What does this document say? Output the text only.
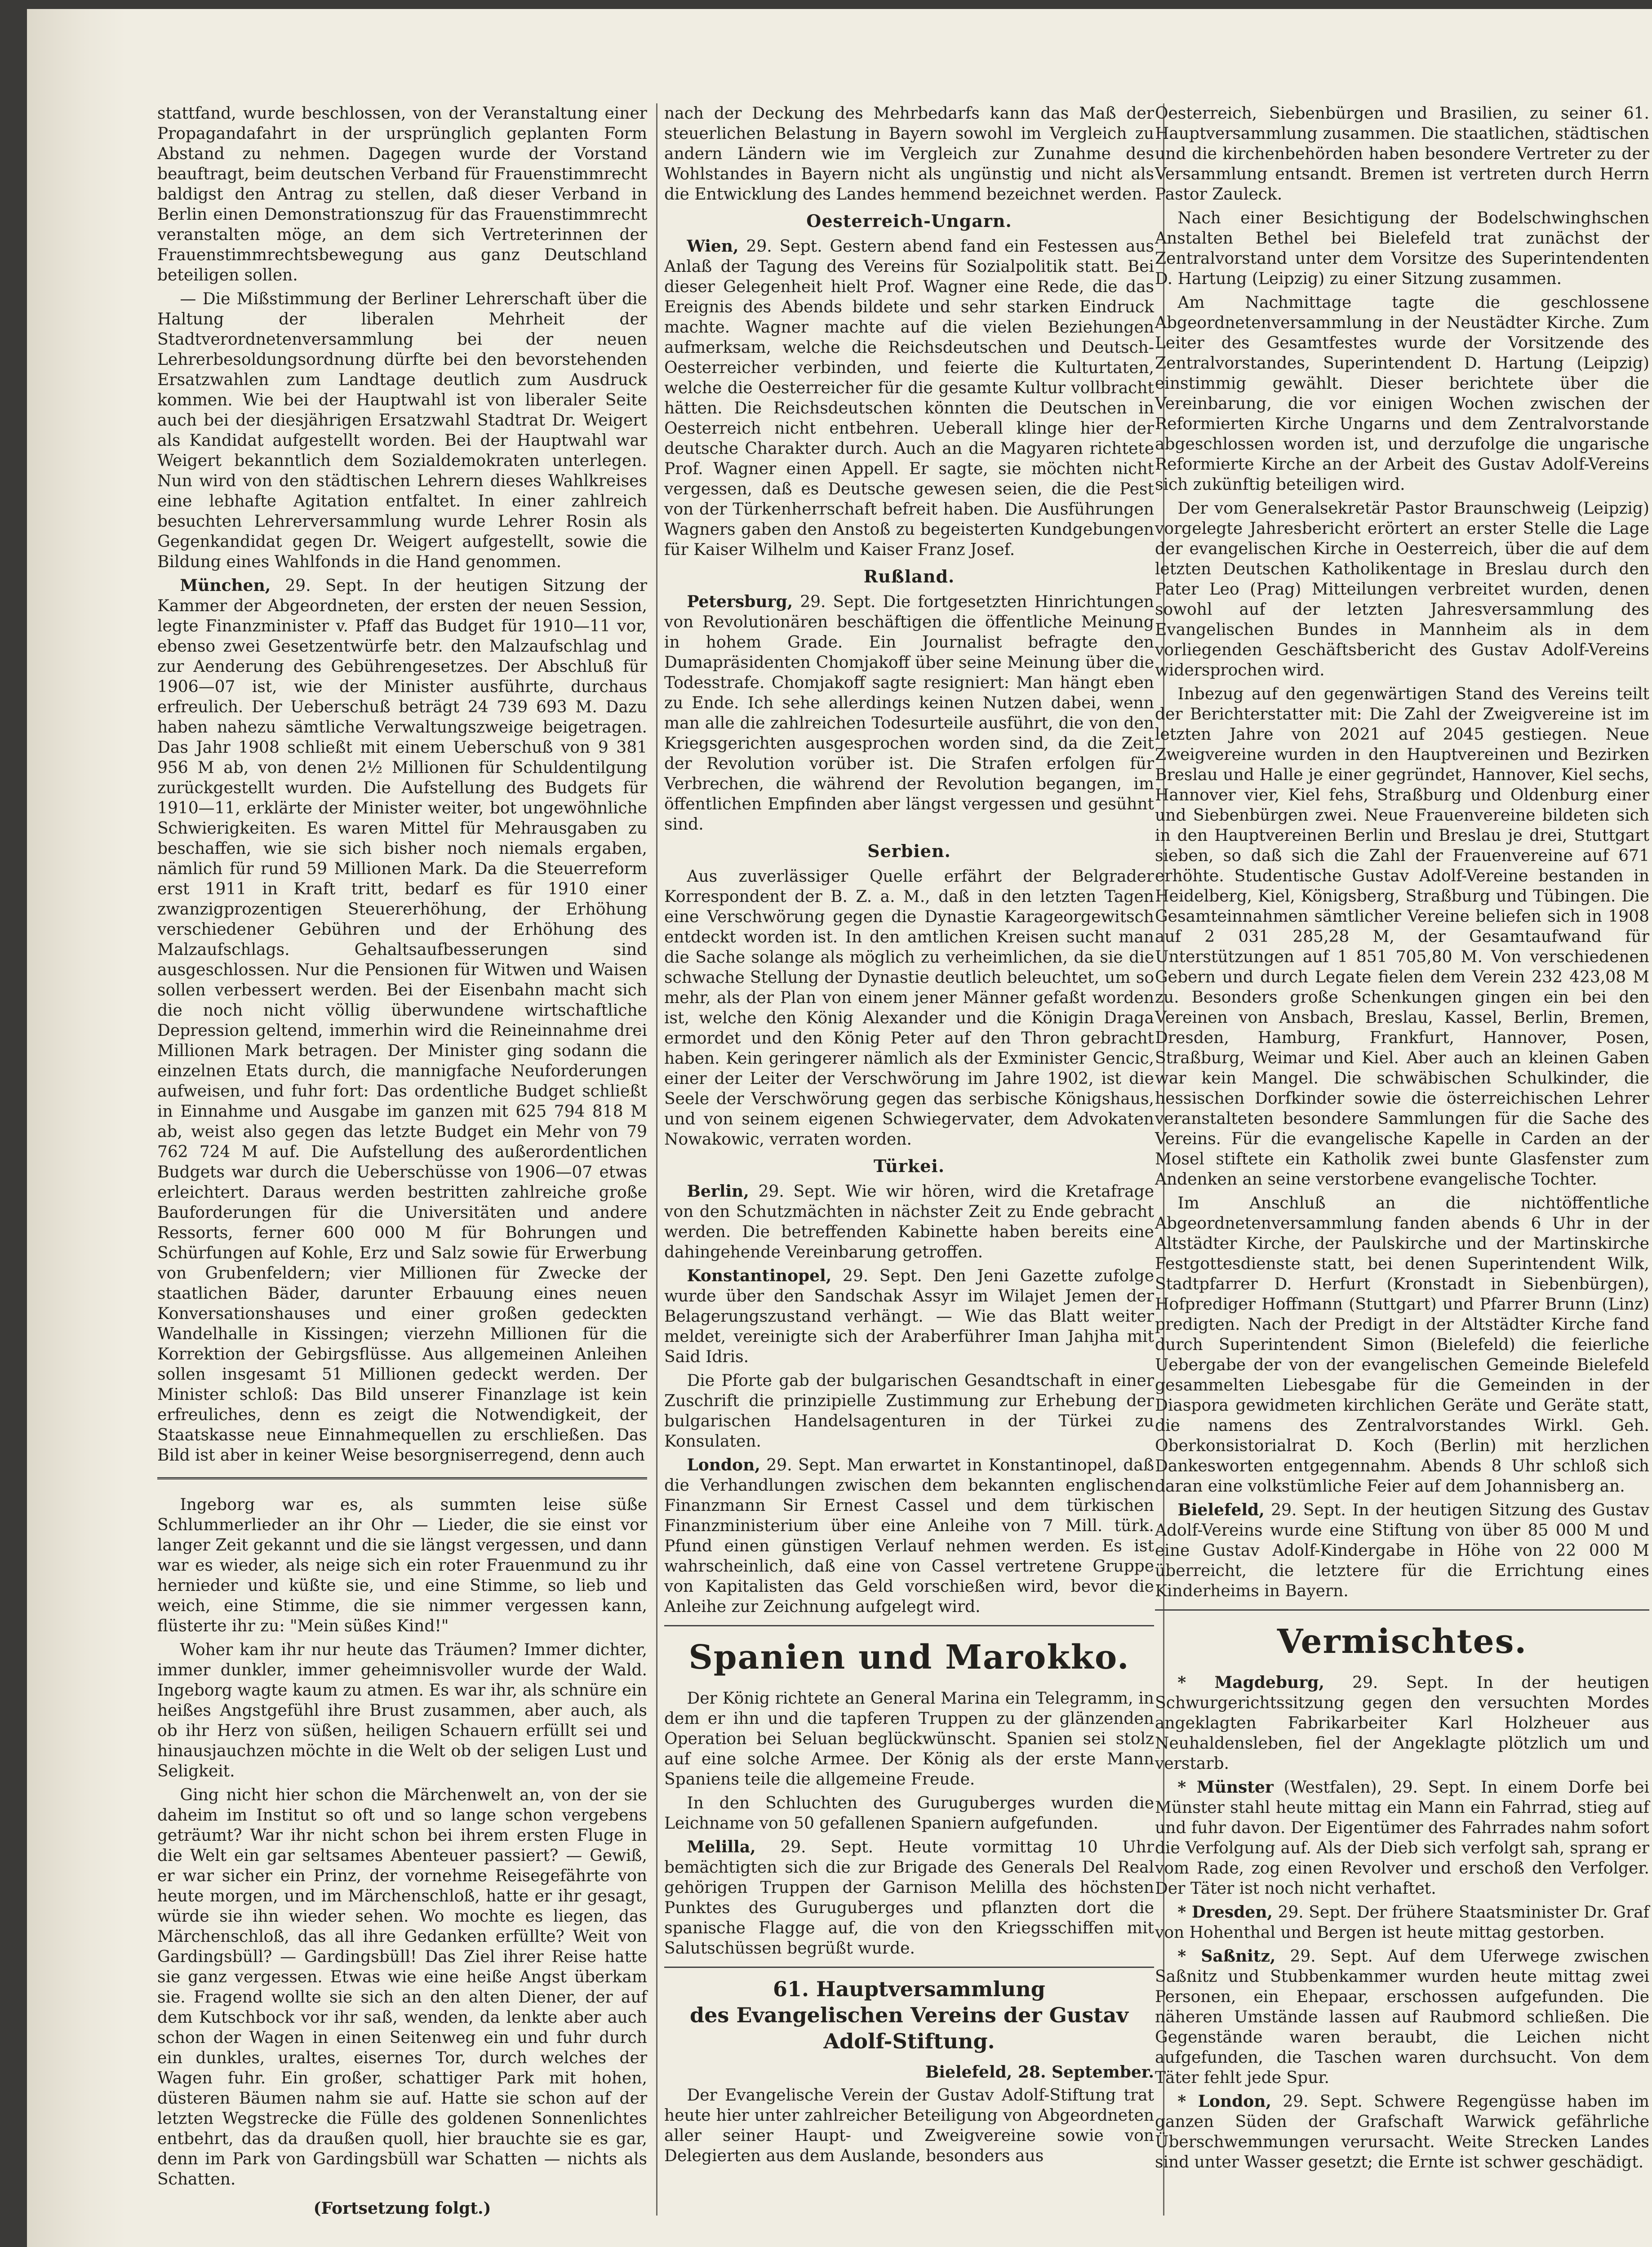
stattfand, wurde beschlossen, von der Veranstaltung einer Propagandafahrt in der ursprünglich geplanten Form Abstand zu nehmen. Dagegen wurde der Vorstand beauftragt, beim deutschen Verband für Frauenstimmrecht baldigst den Antrag zu stellen, daß dieser Verband in Berlin einen Demonstrationszug für das Frauenstimmrecht veranstalten möge, an dem sich Vertreterinnen der Frauenstimmrechtsbewegung aus ganz Deutschland beteiligen sollen.

— Die Mißstimmung der Berliner Lehrerschaft über die Haltung der liberalen Mehrheit der Stadtverordnetenversammlung bei der neuen Lehrerbesoldungsordnung dürfte bei den bevorstehenden Ersatzwahlen zum Landtage deutlich zum Ausdruck kommen. Wie bei der Hauptwahl ist von liberaler Seite auch bei der diesjährigen Ersatzwahl Stadtrat Dr. Weigert als Kandidat aufgestellt worden. Bei der Hauptwahl war Weigert bekanntlich dem Sozialdemokraten unterlegen. Nun wird von den städtischen Lehrern dieses Wahlkreises eine lebhafte Agitation entfaltet. In einer zahlreich besuchten Lehrerversammlung wurde Lehrer Rosin als Gegenkandidat gegen Dr. Weigert aufgestellt, sowie die Bildung eines Wahlfonds in die Hand genommen.

München, 29. Sept. In der heutigen Sitzung der Kammer der Abgeordneten, der ersten der neuen Session, legte Finanzminister v. Pfaff das Budget für 1910—11 vor, ebenso zwei Gesetzentwürfe betr. den Malzaufschlag und zur Aenderung des Gebührengesetzes. Der Abschluß für 1906—07 ist, wie der Minister ausführte, durchaus erfreulich. Der Ueberschuß beträgt 24 739 693 M. Dazu haben nahezu sämtliche Verwaltungszweige beigetragen. Das Jahr 1908 schließt mit einem Ueberschuß von 9 381 956 M ab, von denen 2½ Millionen für Schuldentilgung zurückgestellt wurden. Die Aufstellung des Budgets für 1910—11, erklärte der Minister weiter, bot ungewöhnliche Schwierigkeiten. Es waren Mittel für Mehrausgaben zu beschaffen, wie sie sich bisher noch niemals ergaben, nämlich für rund 59 Millionen Mark. Da die Steuerreform erst 1911 in Kraft tritt, bedarf es für 1910 einer zwanzigprozentigen Steuererhöhung, der Erhöhung verschiedener Gebühren und der Erhöhung des Malzaufschlags. Gehaltsaufbesserungen sind ausgeschlossen. Nur die Pensionen für Witwen und Waisen sollen verbessert werden. Bei der Eisenbahn macht sich die noch nicht völlig überwundene wirtschaftliche Depression geltend, immerhin wird die Reineinnahme drei Millionen Mark betragen. Der Minister ging sodann die einzelnen Etats durch, die mannigfache Neuforderungen aufweisen, und fuhr fort: Das ordentliche Budget schließt in Einnahme und Ausgabe im ganzen mit 625 794 818 M ab, weist also gegen das letzte Budget ein Mehr von 79 762 724 M auf. Die Aufstellung des außerordentlichen Budgets war durch die Ueberschüsse von 1906—07 etwas erleichtert. Daraus werden bestritten zahlreiche große Bauforderungen für die Universitäten und andere Ressorts, ferner 600 000 M für Bohrungen und Schürfungen auf Kohle, Erz und Salz sowie für Erwerbung von Grubenfeldern; vier Millionen für Zwecke der staatlichen Bäder, darunter Erbauung eines neuen Konversationshauses und einer großen gedeckten Wandelhalle in Kissingen; vierzehn Millionen für die Korrektion der Gebirgsflüsse. Aus allgemeinen Anleihen sollen insgesamt 51 Millionen gedeckt werden. Der Minister schloß: Das Bild unserer Finanzlage ist kein erfreuliches, denn es zeigt die Notwendigkeit, der Staatskasse neue Einnahmequellen zu erschließen. Das Bild ist aber in keiner Weise besorgniserregend, denn auch

Ingeborg war es, als summten leise süße Schlummerlieder an ihr Ohr — Lieder, die sie einst vor langer Zeit gekannt und die sie längst vergessen, und dann war es wieder, als neige sich ein roter Frauenmund zu ihr hernieder und küßte sie, und eine Stimme, so lieb und weich, eine Stimme, die sie nimmer vergessen kann, flüsterte ihr zu: "Mein süßes Kind!"

Woher kam ihr nur heute das Träumen? Immer dichter, immer dunkler, immer geheimnisvoller wurde der Wald. Ingeborg wagte kaum zu atmen. Es war ihr, als schnüre ein heißes Angstgefühl ihre Brust zusammen, aber auch, als ob ihr Herz von süßen, heiligen Schauern erfüllt sei und hinausjauchzen möchte in die Welt ob der seligen Lust und Seligkeit.

Ging nicht hier schon die Märchenwelt an, von der sie daheim im Institut so oft und so lange schon vergebens geträumt? War ihr nicht schon bei ihrem ersten Fluge in die Welt ein gar seltsames Abenteuer passiert? — Gewiß, er war sicher ein Prinz, der vornehme Reisegefährte von heute morgen, und im Märchenschloß, hatte er ihr gesagt, würde sie ihn wieder sehen. Wo mochte es liegen, das Märchenschloß, das all ihre Gedanken erfüllte? Weit von Gardingsbüll? — Gardingsbüll! Das Ziel ihrer Reise hatte sie ganz vergessen. Etwas wie eine heiße Angst überkam sie. Fragend wollte sie sich an den alten Diener, der auf dem Kutschbock vor ihr saß, wenden, da lenkte aber auch schon der Wagen in einen Seitenweg ein und fuhr durch ein dunkles, uraltes, eisernes Tor, durch welches der Wagen fuhr. Ein großer, schattiger Park mit hohen, düsteren Bäumen nahm sie auf. Hatte sie schon auf der letzten Wegstrecke die Fülle des goldenen Sonnenlichtes entbehrt, das da draußen quoll, hier brauchte sie es gar, denn im Park von Gardingsbüll war Schatten — nichts als Schatten.

(Fortsetzung folgt.)

nach der Deckung des Mehrbedarfs kann das Maß der steuerlichen Belastung in Bayern sowohl im Vergleich zu andern Ländern wie im Vergleich zur Zunahme des Wohlstandes in Bayern nicht als ungünstig und nicht als die Entwicklung des Landes hemmend bezeichnet werden.

Oesterreich-Ungarn.

Wien, 29. Sept. Gestern abend fand ein Festessen aus Anlaß der Tagung des Vereins für Sozialpolitik statt. Bei dieser Gelegenheit hielt Prof. Wagner eine Rede, die das Ereignis des Abends bildete und sehr starken Eindruck machte. Wagner machte auf die vielen Beziehungen aufmerksam, welche die Reichsdeutschen und Deutsch-Oesterreicher verbinden, und feierte die Kulturtaten, welche die Oesterreicher für die gesamte Kultur vollbracht hätten. Die Reichsdeutschen könnten die Deutschen in Oesterreich nicht entbehren. Ueberall klinge hier der deutsche Charakter durch. Auch an die Magyaren richtete Prof. Wagner einen Appell. Er sagte, sie möchten nicht vergessen, daß es Deutsche gewesen seien, die die Pest von der Türkenherrschaft befreit haben. Die Ausführungen Wagners gaben den Anstoß zu begeisterten Kundgebungen für Kaiser Wilhelm und Kaiser Franz Josef.

Rußland.

Petersburg, 29. Sept. Die fortgesetzten Hinrichtungen von Revolutionären beschäftigen die öffentliche Meinung in hohem Grade. Ein Journalist befragte den Dumapräsidenten Chomjakoff über seine Meinung über die Todesstrafe. Chomjakoff sagte resigniert: Man hängt eben zu Ende. Ich sehe allerdings keinen Nutzen dabei, wenn man alle die zahlreichen Todesurteile ausführt, die von den Kriegsgerichten ausgesprochen worden sind, da die Zeit der Revolution vorüber ist. Die Strafen erfolgen für Verbrechen, die während der Revolution begangen, im öffentlichen Empfinden aber längst vergessen und gesühnt sind.

Serbien.

Aus zuverlässiger Quelle erfährt der Belgrader Korrespondent der B. Z. a. M., daß in den letzten Tagen eine Verschwörung gegen die Dynastie Karageorgewitsch entdeckt worden ist. In den amtlichen Kreisen sucht man die Sache solange als möglich zu verheimlichen, da sie die schwache Stellung der Dynastie deutlich beleuchtet, um so mehr, als der Plan von einem jener Männer gefaßt worden ist, welche den König Alexander und die Königin Draga ermordet und den König Peter auf den Thron gebracht haben. Kein geringerer nämlich als der Exminister Gencic, einer der Leiter der Verschwörung im Jahre 1902, ist die Seele der Verschwörung gegen das serbische Königshaus, und von seinem eigenen Schwiegervater, dem Advokaten Nowakowic, verraten worden.

Türkei.

Berlin, 29. Sept. Wie wir hören, wird die Kretafrage von den Schutzmächten in nächster Zeit zu Ende gebracht werden. Die betreffenden Kabinette haben bereits eine dahingehende Vereinbarung getroffen.

Konstantinopel, 29. Sept. Den Jeni Gazette zufolge wurde über den Sandschak Assyr im Wilajet Jemen der Belagerungszustand verhängt. — Wie das Blatt weiter meldet, vereinigte sich der Araberführer Iman Jahjha mit Said Idris.

Die Pforte gab der bulgarischen Gesandtschaft in einer Zuschrift die prinzipielle Zustimmung zur Erhebung der bulgarischen Handelsagenturen in der Türkei zu Konsulaten.

London, 29. Sept. Man erwartet in Konstantinopel, daß die Verhandlungen zwischen dem bekannten englischen Finanzmann Sir Ernest Cassel und dem türkischen Finanzministerium über eine Anleihe von 7 Mill. türk. Pfund einen günstigen Verlauf nehmen werden. Es ist wahrscheinlich, daß eine von Cassel vertretene Gruppe von Kapitalisten das Geld vorschießen wird, bevor die Anleihe zur Zeichnung aufgelegt wird.

Spanien und Marokko.

Der König richtete an General Marina ein Telegramm, in dem er ihn und die tapferen Truppen zu der glänzenden Operation bei Seluan beglückwünscht. Spanien sei stolz auf eine solche Armee. Der König als der erste Mann Spaniens teile die allgemeine Freude.

In den Schluchten des Guruguberges wurden die Leichname von 50 gefallenen Spaniern aufgefunden.

Melilla, 29. Sept. Heute vormittag 10 Uhr bemächtigten sich die zur Brigade des Generals Del Real gehörigen Truppen der Garnison Melilla des höchsten Punktes des Guruguberges und pflanzten dort die spanische Flagge auf, die von den Kriegsschiffen mit Salutschüssen begrüßt wurde.

61. Hauptversammlung
des Evangelischen Vereins der Gustav Adolf-Stiftung.
Bielefeld, 28. September.

Der Evangelische Verein der Gustav Adolf-Stiftung trat heute hier unter zahlreicher Beteiligung von Abgeordneten aller seiner Haupt- und Zweigvereine sowie von Delegierten aus dem Auslande, besonders aus

Oesterreich, Siebenbürgen und Brasilien, zu seiner 61. Hauptversammlung zusammen. Die staatlichen, städtischen und die kirchenbehörden haben besondere Vertreter zu der Versammlung entsandt. Bremen ist vertreten durch Herrn Pastor Zauleck.

Nach einer Besichtigung der Bodelschwinghschen Anstalten Bethel bei Bielefeld trat zunächst der Zentralvorstand unter dem Vorsitze des Superintendenten D. Hartung (Leipzig) zu einer Sitzung zusammen.

Am Nachmittage tagte die geschlossene Abgeordnetenversammlung in der Neustädter Kirche. Zum Leiter des Gesamtfestes wurde der Vorsitzende des Zentralvorstandes, Superintendent D. Hartung (Leipzig) einstimmig gewählt. Dieser berichtete über die Vereinbarung, die vor einigen Wochen zwischen der Reformierten Kirche Ungarns und dem Zentralvorstande abgeschlossen worden ist, und derzufolge die ungarische Reformierte Kirche an der Arbeit des Gustav Adolf-Vereins sich zukünftig beteiligen wird.

Der vom Generalsekretär Pastor Braunschweig (Leipzig) vorgelegte Jahresbericht erörtert an erster Stelle die Lage der evangelischen Kirche in Oesterreich, über die auf dem letzten Deutschen Katholikentage in Breslau durch den Pater Leo (Prag) Mitteilungen verbreitet wurden, denen sowohl auf der letzten Jahresversammlung des Evangelischen Bundes in Mannheim als in dem vorliegenden Geschäftsbericht des Gustav Adolf-Vereins widersprochen wird.

Inbezug auf den gegenwärtigen Stand des Vereins teilt der Berichterstatter mit: Die Zahl der Zweigvereine ist im letzten Jahre von 2021 auf 2045 gestiegen. Neue Zweigvereine wurden in den Hauptvereinen und Bezirken Breslau und Halle je einer gegründet, Hannover, Kiel sechs, Hannover vier, Kiel fehs, Straßburg und Oldenburg einer und Siebenbürgen zwei. Neue Frauenvereine bildeten sich in den Hauptvereinen Berlin und Breslau je drei, Stuttgart sieben, so daß sich die Zahl der Frauenvereine auf 671 erhöhte. Studentische Gustav Adolf-Vereine bestanden in Heidelberg, Kiel, Königsberg, Straßburg und Tübingen. Die Gesamteinnahmen sämtlicher Vereine beliefen sich in 1908 auf 2 031 285,28 M, der Gesamtaufwand für Unterstützungen auf 1 851 705,80 M. Von verschiedenen Gebern und durch Legate fielen dem Verein 232 423,08 M zu. Besonders große Schenkungen gingen ein bei den Vereinen von Ansbach, Breslau, Kassel, Berlin, Bremen, Dresden, Hamburg, Frankfurt, Hannover, Posen, Straßburg, Weimar und Kiel. Aber auch an kleinen Gaben war kein Mangel. Die schwäbischen Schulkinder, die hessischen Dorfkinder sowie die österreichischen Lehrer veranstalteten besondere Sammlungen für die Sache des Vereins. Für die evangelische Kapelle in Carden an der Mosel stiftete ein Katholik zwei bunte Glasfenster zum Andenken an seine verstorbene evangelische Tochter.

Im Anschluß an die nichtöffentliche Abgeordnetenversammlung fanden abends 6 Uhr in der Altstädter Kirche, der Paulskirche und der Martinskirche Festgottesdienste statt, bei denen Superintendent Wilk, Stadtpfarrer D. Herfurt (Kronstadt in Siebenbürgen), Hofprediger Hoffmann (Stuttgart) und Pfarrer Brunn (Linz) predigten. Nach der Predigt in der Altstädter Kirche fand durch Superintendent Simon (Bielefeld) die feierliche Uebergabe der von der evangelischen Gemeinde Bielefeld gesammelten Liebesgabe für die Gemeinden in der Diaspora gewidmeten kirchlichen Geräte und Geräte statt, die namens des Zentralvorstandes Wirkl. Geh. Oberkonsistorialrat D. Koch (Berlin) mit herzlichen Dankesworten entgegennahm. Abends 8 Uhr schloß sich daran eine volkstümliche Feier auf dem Johannisberg an.

Bielefeld, 29. Sept. In der heutigen Sitzung des Gustav Adolf-Vereins wurde eine Stiftung von über 85 000 M und eine Gustav Adolf-Kindergabe in Höhe von 22 000 M überreicht, die letztere für die Errichtung eines Kinderheims in Bayern.

Vermischtes.

* Magdeburg, 29. Sept. In der heutigen Schwurgerichtssitzung gegen den versuchten Mordes angeklagten Fabrikarbeiter Karl Holzheuer aus Neuhaldensleben, fiel der Angeklagte plötzlich um und verstarb.

* Münster (Westfalen), 29. Sept. In einem Dorfe bei Münster stahl heute mittag ein Mann ein Fahrrad, stieg auf und fuhr davon. Der Eigentümer des Fahrrades nahm sofort die Verfolgung auf. Als der Dieb sich verfolgt sah, sprang er vom Rade, zog einen Revolver und erschoß den Verfolger. Der Täter ist noch nicht verhaftet.

* Dresden, 29. Sept. Der frühere Staatsminister Dr. Graf von Hohenthal und Bergen ist heute mittag gestorben.

* Saßnitz, 29. Sept. Auf dem Uferwege zwischen Saßnitz und Stubbenkammer wurden heute mittag zwei Personen, ein Ehepaar, erschossen aufgefunden. Die näheren Umstände lassen auf Raubmord schließen. Die Gegenstände waren beraubt, die Leichen nicht aufgefunden, die Taschen waren durchsucht. Von dem Täter fehlt jede Spur.

* London, 29. Sept. Schwere Regengüsse haben im ganzen Süden der Grafschaft Warwick gefährliche Überschwemmungen verursacht. Weite Strecken Landes sind unter Wasser gesetzt; die Ernte ist schwer geschädigt.
